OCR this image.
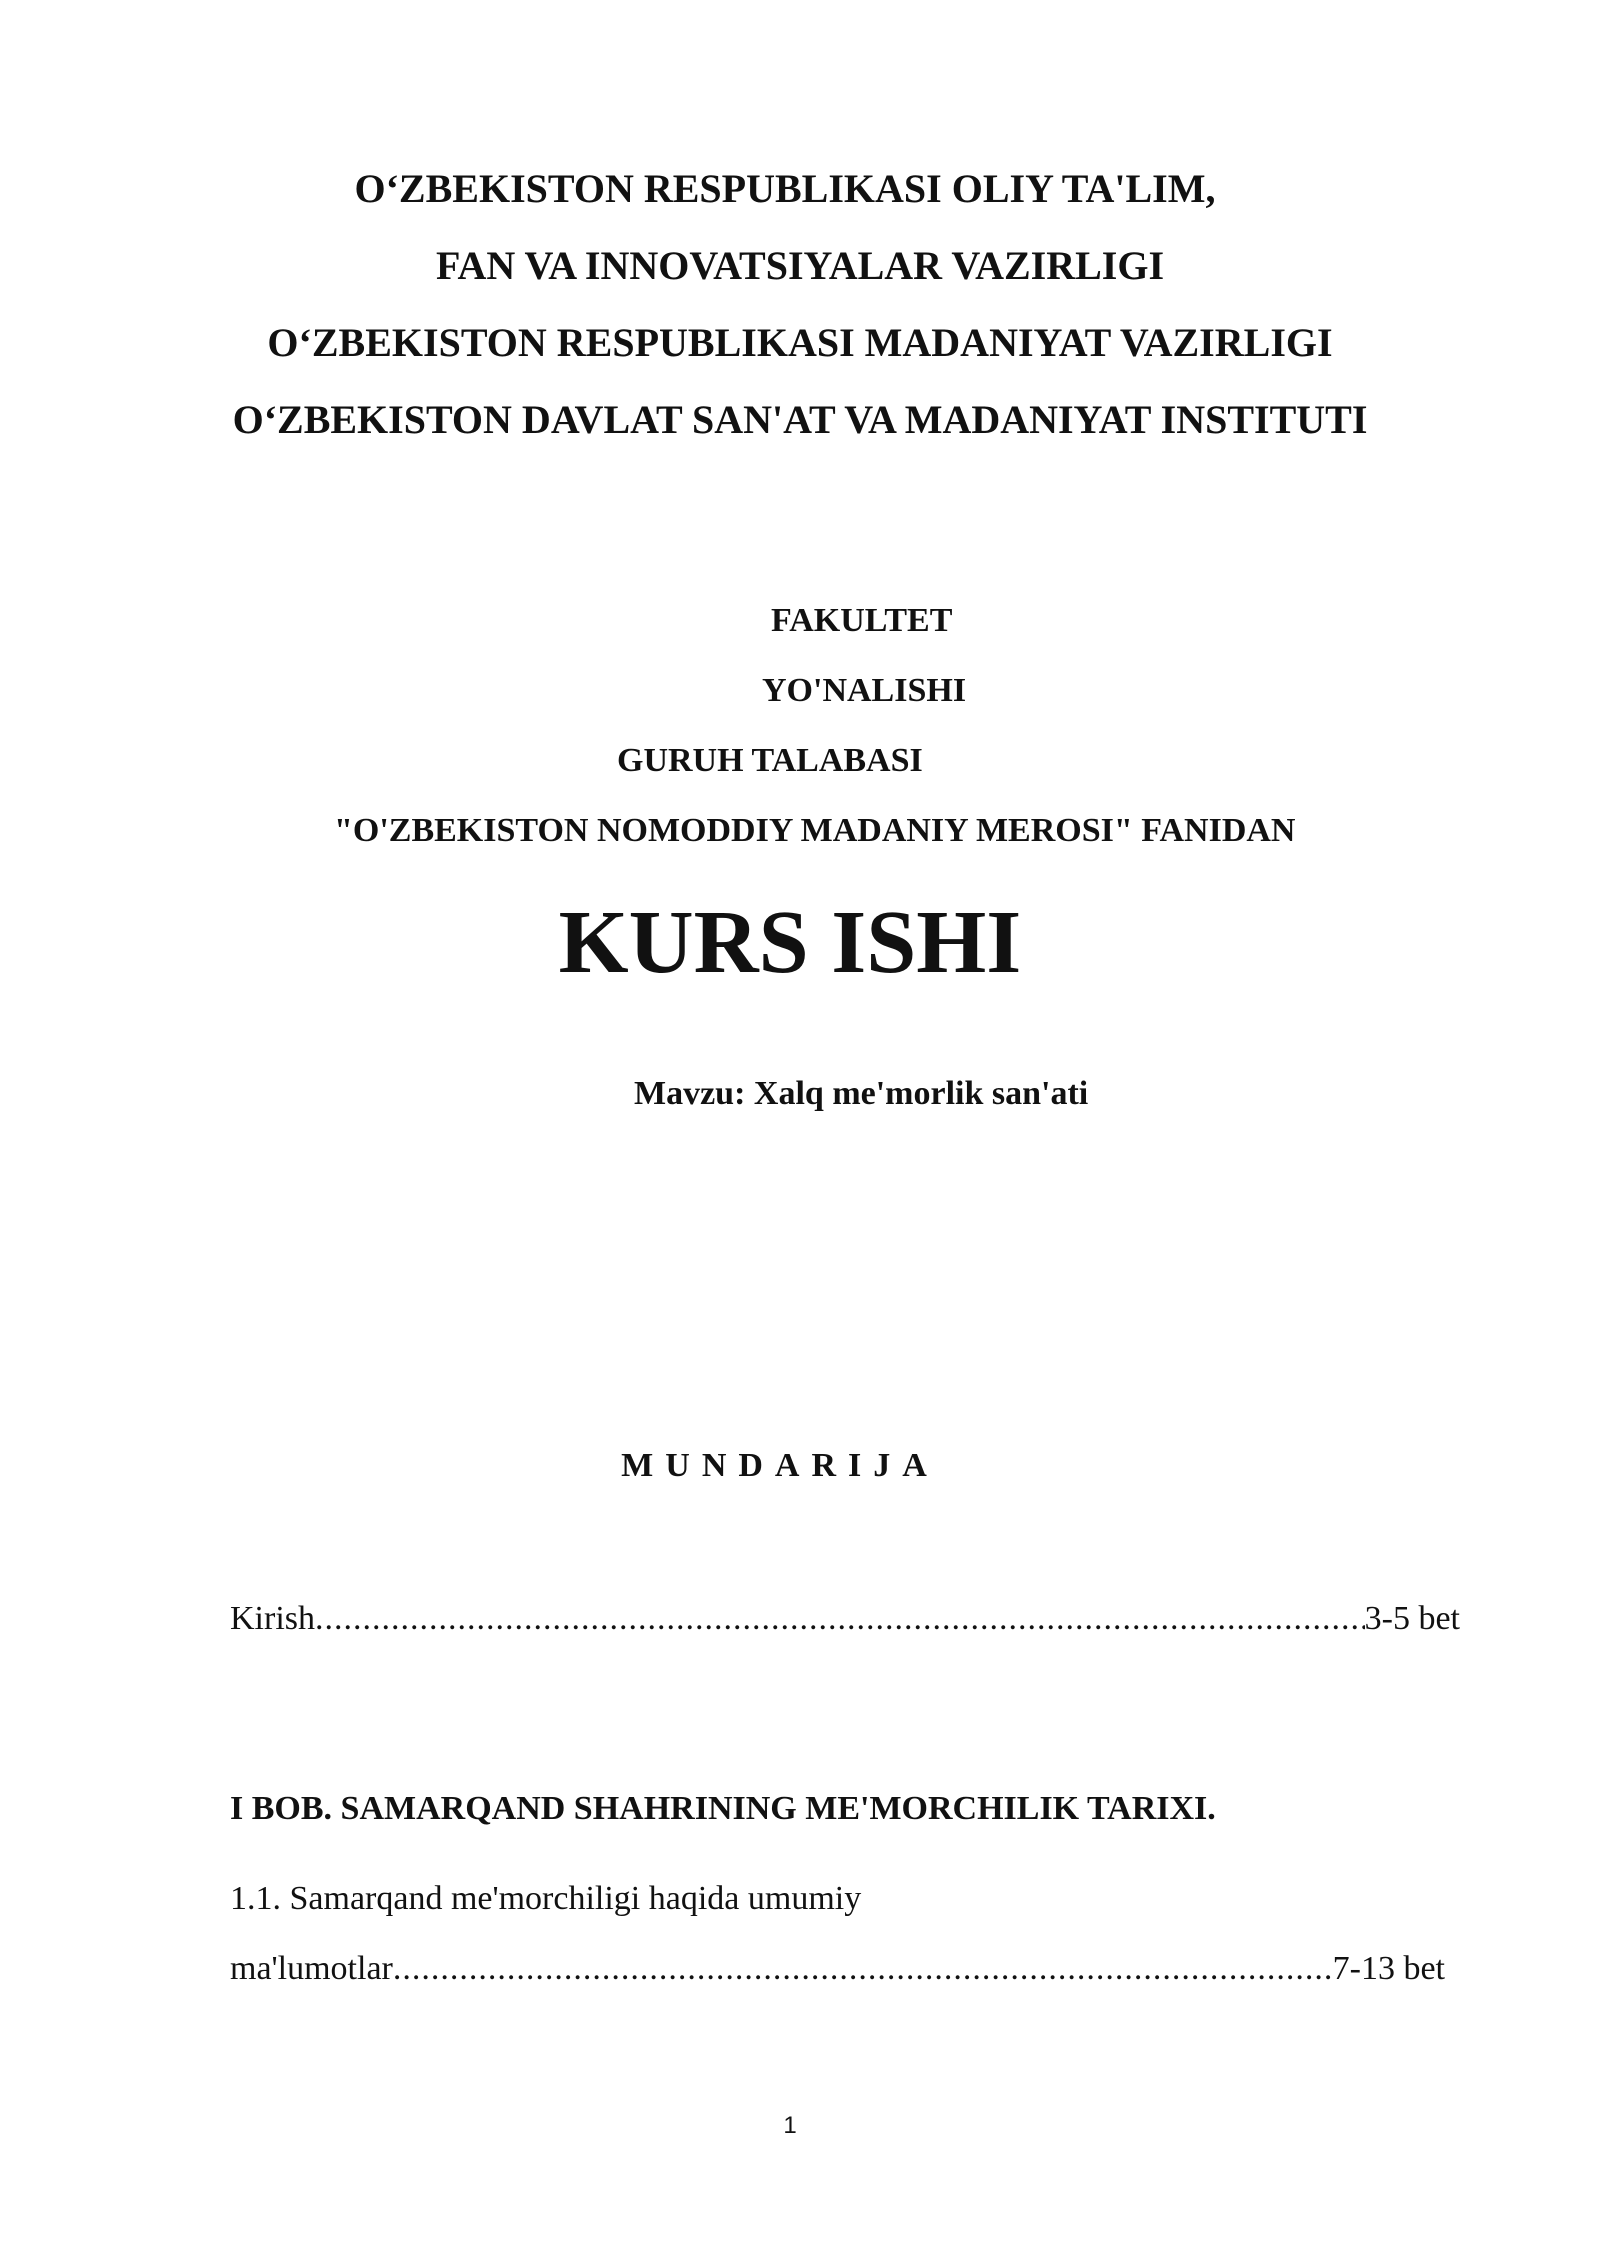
O‘ZBEKISTON RESPUBLIKASI OLIY TA'LIM,
FAN VA INNOVATSIYALAR VAZIRLIGI
O‘ZBEKISTON RESPUBLIKASI MADANIYAT VAZIRLIGI
O‘ZBEKISTON DAVLAT SAN'AT VA MADANIYAT INSTITUTI
FAKULTET
YO'NALISHI
GURUH TALABASI
"O'ZBEKISTON NOMODDIY MADANIY MEROSI" FANIDAN
KURS ISHI
Mavzu: Xalq me'morlik san'ati
MUNDARIJA
Kirish .....	3-5 bet
I BOB. SAMARQAND SHAHRINING ME'MORCHILIK TARIXI.
1.1. Samarqand me'morchiligi haqida umumiy
ma'lumotlar .....	7-13 bet
1
